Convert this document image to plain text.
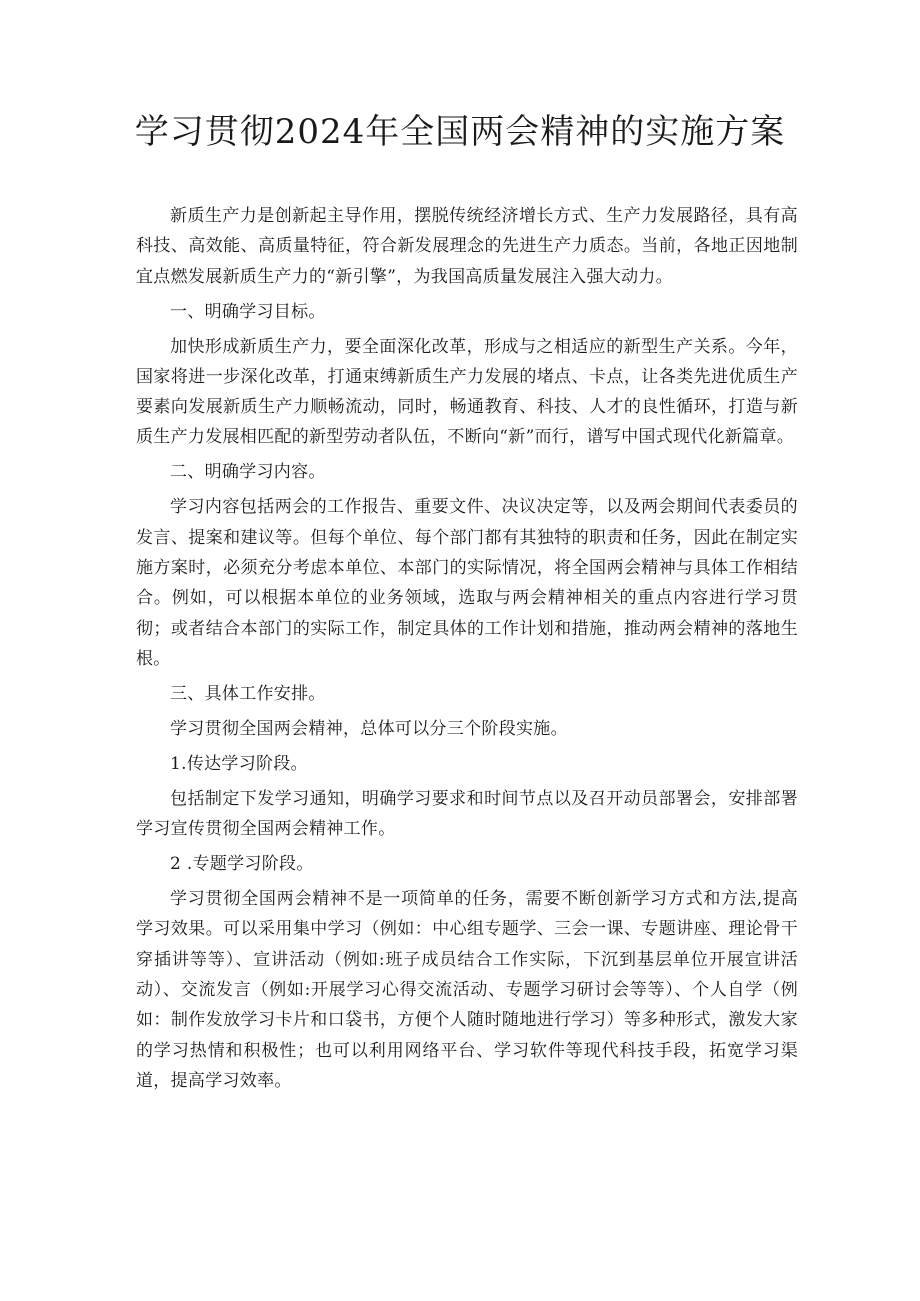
学习贯彻2024年全国两会精神的实施方案

新质生产力是创新起主导作用，摆脱传统经济增长方式、生产力发展路径，具有高科技、高效能、高质量特征，符合新发展理念的先进生产力质态。当前，各地正因地制宜点燃发展新质生产力的“新引擎”，为我国高质量发展注入强大动力。

一、明确学习目标。

加快形成新质生产力，要全面深化改革，形成与之相适应的新型生产关系。今年，国家将进一步深化改革，打通束缚新质生产力发展的堵点、卡点，让各类先进优质生产要素向发展新质生产力顺畅流动，同时，畅通教育、科技、人才的良性循环，打造与新质生产力发展相匹配的新型劳动者队伍，不断向“新”而行，谱写中国式现代化新篇章。

二、明确学习内容。

学习内容包括两会的工作报告、重要文件、决议决定等，以及两会期间代表委员的发言、提案和建议等。但每个单位、每个部门都有其独特的职责和任务，因此在制定实施方案时，必须充分考虑本单位、本部门的实际情况，将全国两会精神与具体工作相结合。例如，可以根据本单位的业务领域，选取与两会精神相关的重点内容进行学习贯彻；或者结合本部门的实际工作，制定具体的工作计划和措施，推动两会精神的落地生根。

三、具体工作安排。

学习贯彻全国两会精神，总体可以分三个阶段实施。

1.传达学习阶段。

包括制定下发学习通知，明确学习要求和时间节点以及召开动员部署会，安排部署学习宣传贯彻全国两会精神工作。

2 .专题学习阶段。

学习贯彻全国两会精神不是一项简单的任务，需要不断创新学习方式和方法,提高学习效果。可以采用集中学习（例如：中心组专题学、三会一课、专题讲座、理论骨干穿插讲等等）、宣讲活动（例如:班子成员结合工作实际，下沉到基层单位开展宣讲活动）、交流发言（例如:开展学习心得交流活动、专题学习研讨会等等）、个人自学（例如：制作发放学习卡片和口袋书，方便个人随时随地进行学习）等多种形式，激发大家的学习热情和积极性；也可以利用网络平台、学习软件等现代科技手段，拓宽学习渠道，提高学习效率。
